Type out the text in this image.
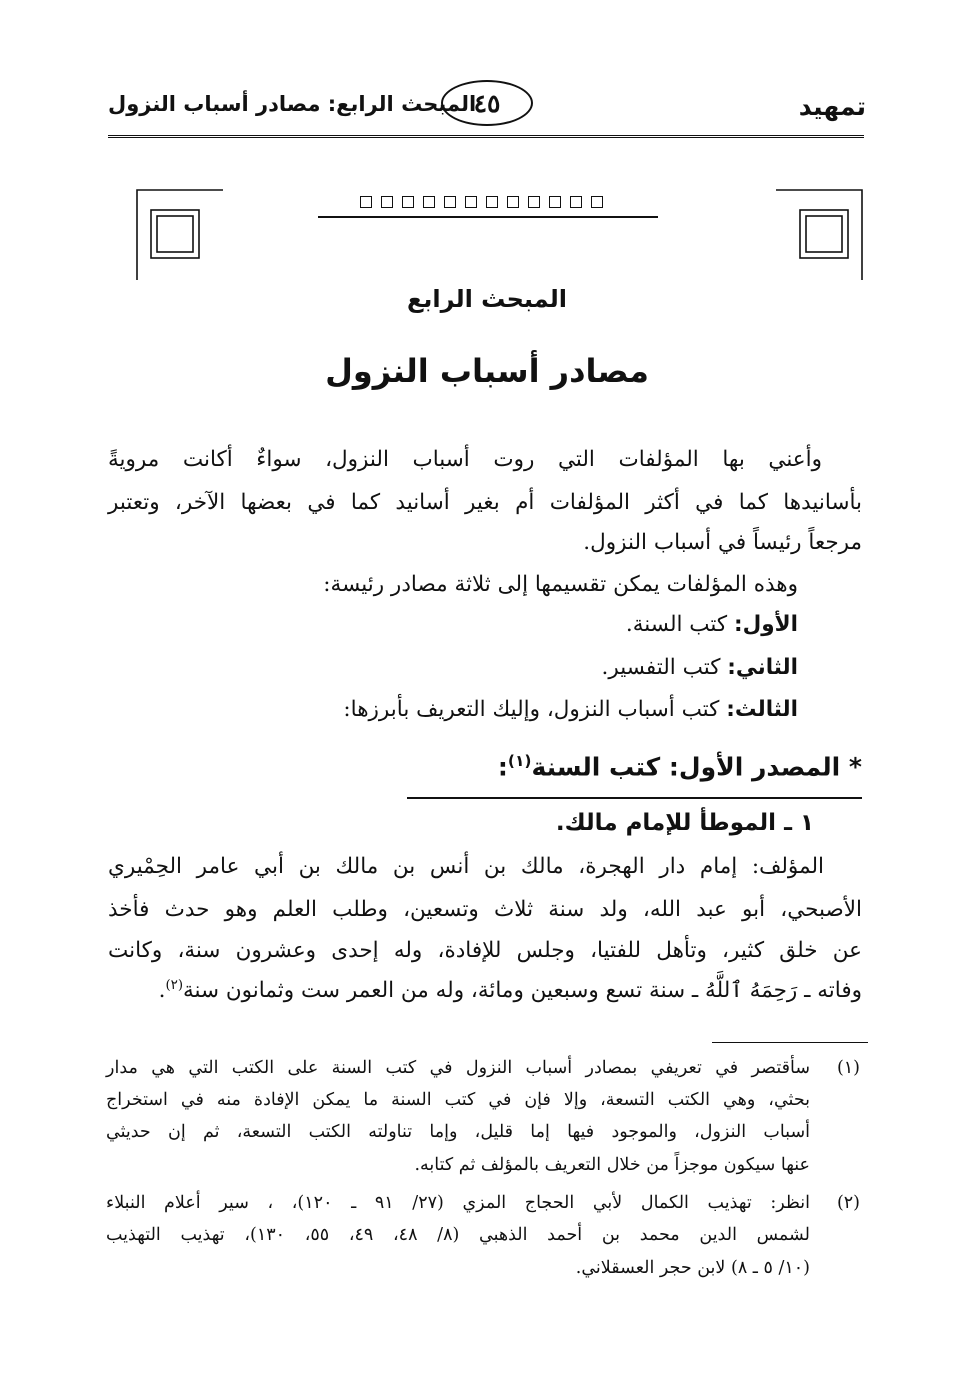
تمهيد
٤٥
المبحث الرابع: مصادر أسباب النزول
المبحث الرابع
مصادر أسباب النزول
وأعني بها المؤلفات التي روت أسباب النزول، سواءٌ أكانت مرويةً
بأسانيدها كما في أكثر المؤلفات أم بغير أسانيد كما في بعضها الآخر، وتعتبر
مرجعاً رئيساً في أسباب النزول.
وهذه المؤلفات يمكن تقسيمها إلى ثلاثة مصادر رئيسة:
الأول: كتب السنة.
الثاني: كتب التفسير.
الثالث: كتب أسباب النزول، وإليك التعريف بأبرزها:
* المصدر الأول: كتب السنة$^{(١)}$:
١ ـ الموطأ للإمام مالك.
المؤلف: إمام دار الهجرة، مالك بن أنس بن مالك بن أبي عامر الحِمْيري
الأصبحي، أبو عبد الله، ولد سنة ثلاث وتسعين، وطلب العلم وهو حدث فأخذ
عن خلق كثير، وتأهل للفتيا، وجلس للإفادة، وله إحدى وعشرون سنة، وكانت
وفاته ـ رَحِمَهُ ٱللَّهُ ـ سنة تسع وسبعين ومائة، وله من العمر ست وثمانون سنة$^{(٢)}$.
(١)
سأقتصر في تعريفي بمصادر أسباب النزول في كتب السنة على الكتب التي هي مدار
بحثي، وهي الكتب التسعة، وإلا فإن في كتب السنة ما يمكن الإفادة منه في استخراج
أسباب النزول، والموجود فيها إما قليل، وإما تناولته الكتب التسعة، ثم إن حديثي
عنها سيكون موجزاً من خلال التعريف بالمؤلف ثم كتابه.
(٢)
انظر: تهذيب الكمال لأبي الحجاج المزي (٢٧/ ٩١ ـ ١٢٠)، ، سير أعلام النبلاء
لشمس الدين محمد بن أحمد الذهبي (٨/ ٤٨، ٤٩، ٥٥، ١٣٠)، تهذيب التهذيب
(١٠/ ٥ ـ ٨) لابن حجر العسقلاني.
